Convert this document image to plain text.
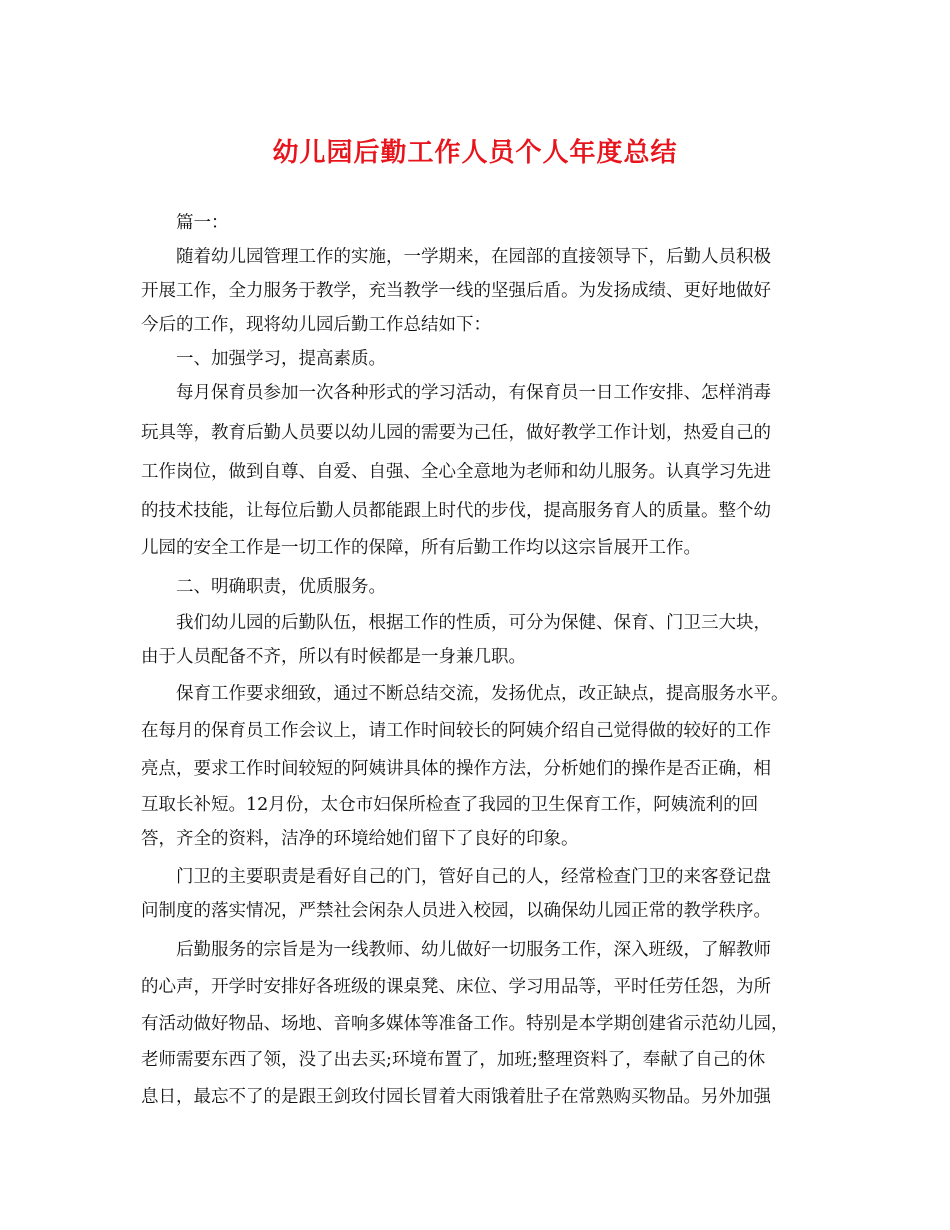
幼儿园后勤工作人员个人年度总结

篇一：

随着幼儿园管理工作的实施，一学期来，在园部的直接领导下，后勤人员积极

开展工作，全力服务于教学，充当教学一线的坚强后盾。为发扬成绩、更好地做好

今后的工作，现将幼儿园后勤工作总结如下：

一、加强学习，提高素质。

每月保育员参加一次各种形式的学习活动，有保育员一日工作安排、怎样消毒

玩具等，教育后勤人员要以幼儿园的需要为己任，做好教学工作计划，热爱自己的

工作岗位，做到自尊、自爱、自强、全心全意地为老师和幼儿服务。认真学习先进

的技术技能，让每位后勤人员都能跟上时代的步伐，提高服务育人的质量。整个幼

儿园的安全工作是一切工作的保障，所有后勤工作均以这宗旨展开工作。

二、明确职责，优质服务。

我们幼儿园的后勤队伍，根据工作的性质，可分为保健、保育、门卫三大块，

由于人员配备不齐，所以有时候都是一身兼几职。

保育工作要求细致，通过不断总结交流，发扬优点，改正缺点，提高服务水平。

在每月的保育员工作会议上，请工作时间较长的阿姨介绍自己觉得做的较好的工作

亮点，要求工作时间较短的阿姨讲具体的操作方法，分析她们的操作是否正确，相

互取长补短。12月份，太仓市妇保所检查了我园的卫生保育工作，阿姨流利的回

答，齐全的资料，洁净的环境给她们留下了良好的印象。

门卫的主要职责是看好自己的门，管好自己的人，经常检查门卫的来客登记盘

问制度的落实情况，严禁社会闲杂人员进入校园，以确保幼儿园正常的教学秩序。

后勤服务的宗旨是为一线教师、幼儿做好一切服务工作，深入班级，了解教师

的心声，开学时安排好各班级的课桌凳、床位、学习用品等，平时任劳任怨，为所

有活动做好物品、场地、音响多媒体等准备工作。特别是本学期创建省示范幼儿园，

老师需要东西了领，没了出去买;环境布置了，加班;整理资料了，奉献了自己的休

息日，最忘不了的是跟王剑玫付园长冒着大雨饿着肚子在常熟购买物品。另外加强
